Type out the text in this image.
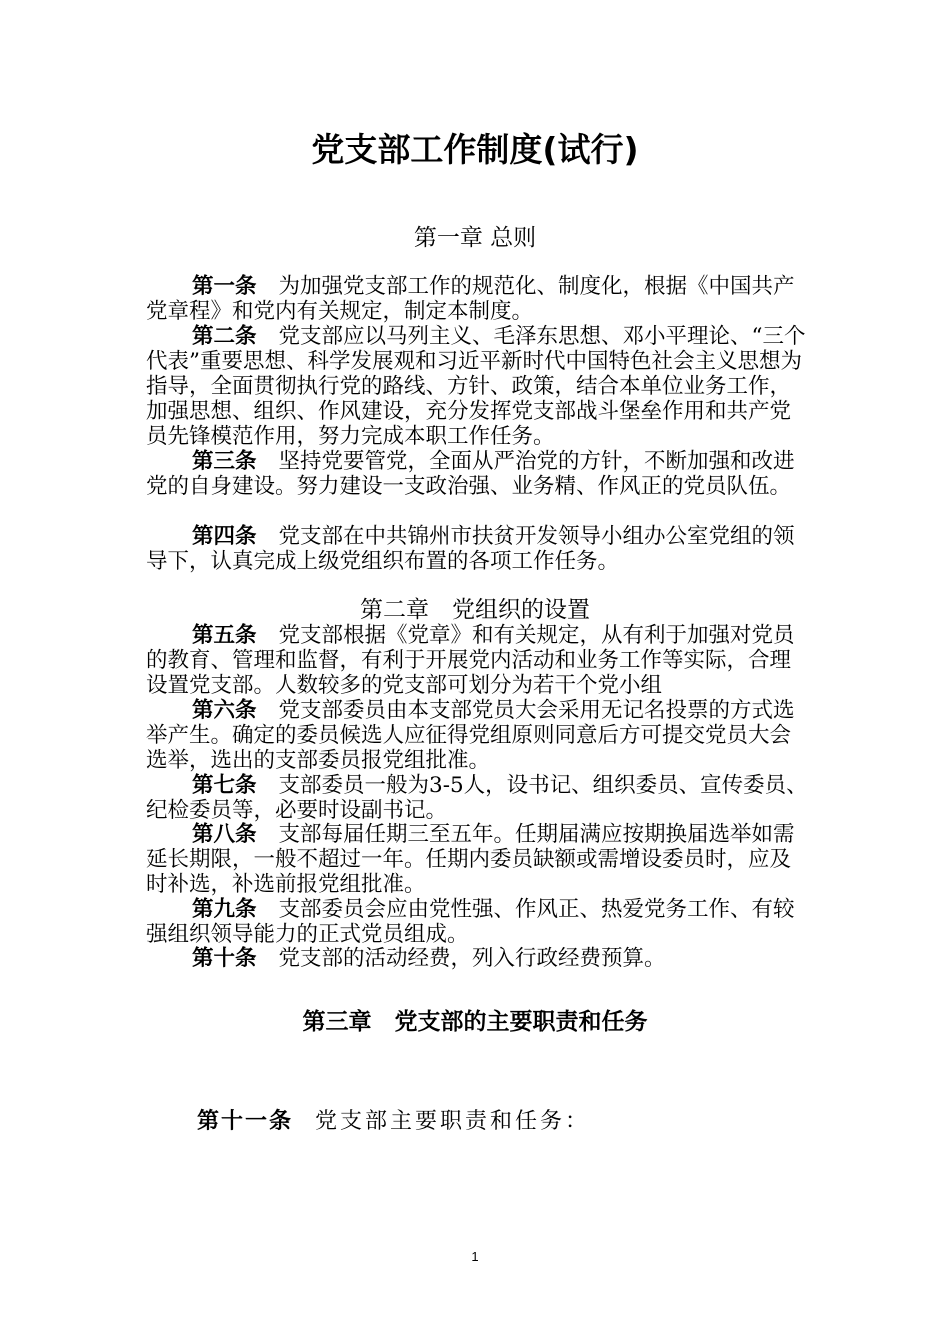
党支部工作制度(试行)
第一章 总则
第一条 为加强党支部工作的规范化、制度化，根据《中国共产党章程》和党内有关规定，制定本制度。
第二条 党支部应以马列主义、毛泽东思想、邓小平理论、“三个代表”重要思想、科学发展观和习近平新时代中国特色社会主义思想为指导，全面贯彻执行党的路线、方针、政策，结合本单位业务工作，加强思想、组织、作风建设，充分发挥党支部战斗堡垒作用和共产党员先锋模范作用，努力完成本职工作任务。
第三条 坚持党要管党，全面从严治党的方针，不断加强和改进党的自身建设。努力建设一支政治强、业务精、作风正的党员队伍。
第四条 党支部在中共锦州市扶贫开发领导小组办公室党组的领导下，认真完成上级党组织布置的各项工作任务。
第二章　党组织的设置
第五条 党支部根据《党章》和有关规定，从有利于加强对党员的教育、管理和监督，有利于开展党内活动和业务工作等实际，合理设置党支部。人数较多的党支部可划分为若干个党小组
第六条 党支部委员由本支部党员大会采用无记名投票的方式选举产生。确定的委员候选人应征得党组原则同意后方可提交党员大会选举，选出的支部委员报党组批准。
第七条 支部委员一般为3-5人，设书记、组织委员、宣传委员、纪检委员等，必要时设副书记。
第八条 支部每届任期三至五年。任期届满应按期换届选举如需延长期限，一般不超过一年。任期内委员缺额或需增设委员时，应及时补选，补选前报党组批准。
第九条 支部委员会应由党性强、作风正、热爱党务工作、有较强组织领导能力的正式党员组成。
第十条 党支部的活动经费，列入行政经费预算。
第三章　党支部的主要职责和任务
第十一条 党支部主要职责和任务：
1
